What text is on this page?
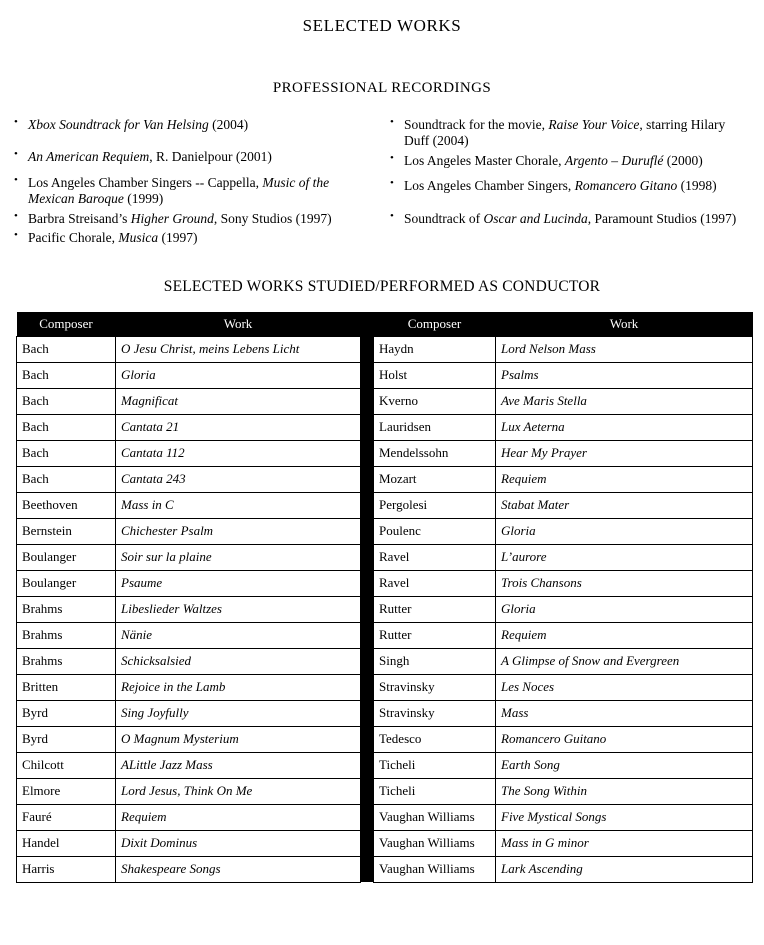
SELECTED WORKS
PROFESSIONAL RECORDINGS
• Xbox Soundtrack for Van Helsing (2004)
• An American Requiem, R. Danielpour (2001)
• Los Angeles Chamber Singers -- Cappella, Music of the Mexican Baroque (1999)
• Barbra Streisand’s Higher Ground, Sony Studios (1997)
• Pacific Chorale, Musica (1997)
• Soundtrack for the movie, Raise Your Voice, starring Hilary Duff (2004)
• Los Angeles Master Chorale, Argento – Duruflé (2000)
• Los Angeles Chamber Singers, Romancero Gitano (1998)
• Soundtrack of Oscar and Lucinda, Paramount Studios (1997)
SELECTED WORKS STUDIED/PERFORMED AS CONDUCTOR
Composer	Work		Composer	Work
Bach	O Jesu Christ, meins Lebens Licht		Haydn	Lord Nelson Mass
Bach	Gloria		Holst	Psalms
Bach	Magnificat		Kverno	Ave Maris Stella
Bach	Cantata 21		Lauridsen	Lux Aeterna
Bach	Cantata 112		Mendelssohn	Hear My Prayer
Bach	Cantata 243		Mozart	Requiem
Beethoven	Mass in C		Pergolesi	Stabat Mater
Bernstein	Chichester Psalm		Poulenc	Gloria
Boulanger	Soir sur la plaine		Ravel	L’aurore
Boulanger	Psaume		Ravel	Trois Chansons
Brahms	Libeslieder Waltzes		Rutter	Gloria
Brahms	Nänie		Rutter	Requiem
Brahms	Schicksalsied		Singh	A Glimpse of Snow and Evergreen
Britten	Rejoice in the Lamb		Stravinsky	Les Noces
Byrd	Sing Joyfully		Stravinsky	Mass
Byrd	O Magnum Mysterium		Tedesco	Romancero Guitano
Chilcott	ALittle Jazz Mass		Ticheli	Earth Song
Elmore	Lord Jesus, Think On Me		Ticheli	The Song Within
Fauré	Requiem		Vaughan Williams	Five Mystical Songs
Handel	Dixit Dominus		Vaughan Williams	Mass in G minor
Harris	Shakespeare Songs		Vaughan Williams	Lark Ascending
